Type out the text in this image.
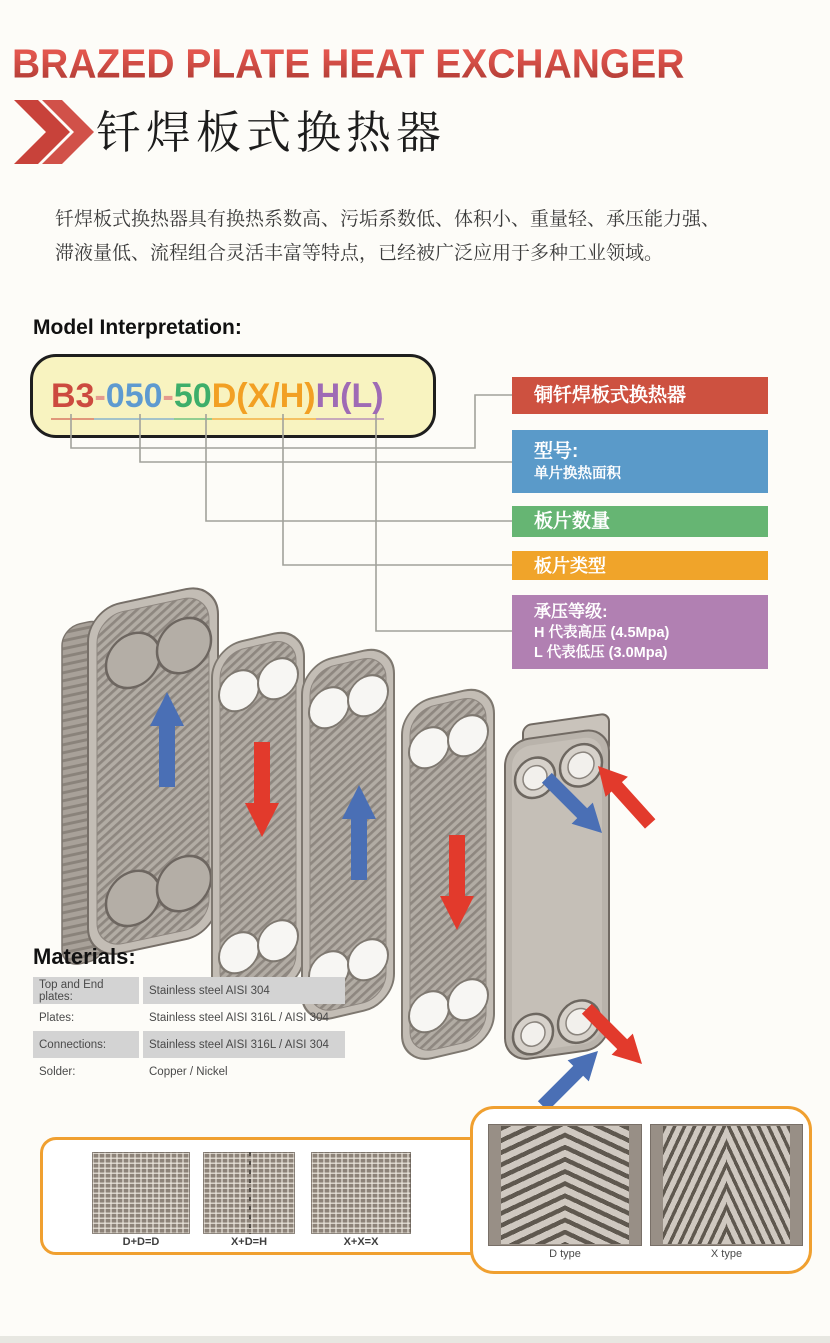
BRAZED PLATE HEAT EXCHANGER
钎焊板式换热器

钎焊板式换热器具有换热系数高、污垢系数低、体积小、重量轻、承压能力强、
滞液量低、流程组合灵活丰富等特点，已经被广泛应用于多种工业领域。

Model Interpretation:
B3 -050- 50 D(X/H) H(L)	铜钎焊板式换热器
型号:
单片换热面积
板片数量
板片类型
承压等级:
H 代表高压 (4.5Mpa)
L 代表低压 (3.0Mpa)
Materials:
Top and End plates:	Stainless steel AISI 304
Plates:	Stainless steel AISI 316L / AISI 304
Connections:	Stainless steel AISI 316L / AISI 304
Solder:	Copper / Nickel
D+D=D	X+D=H	X+X=X
D type	X type
